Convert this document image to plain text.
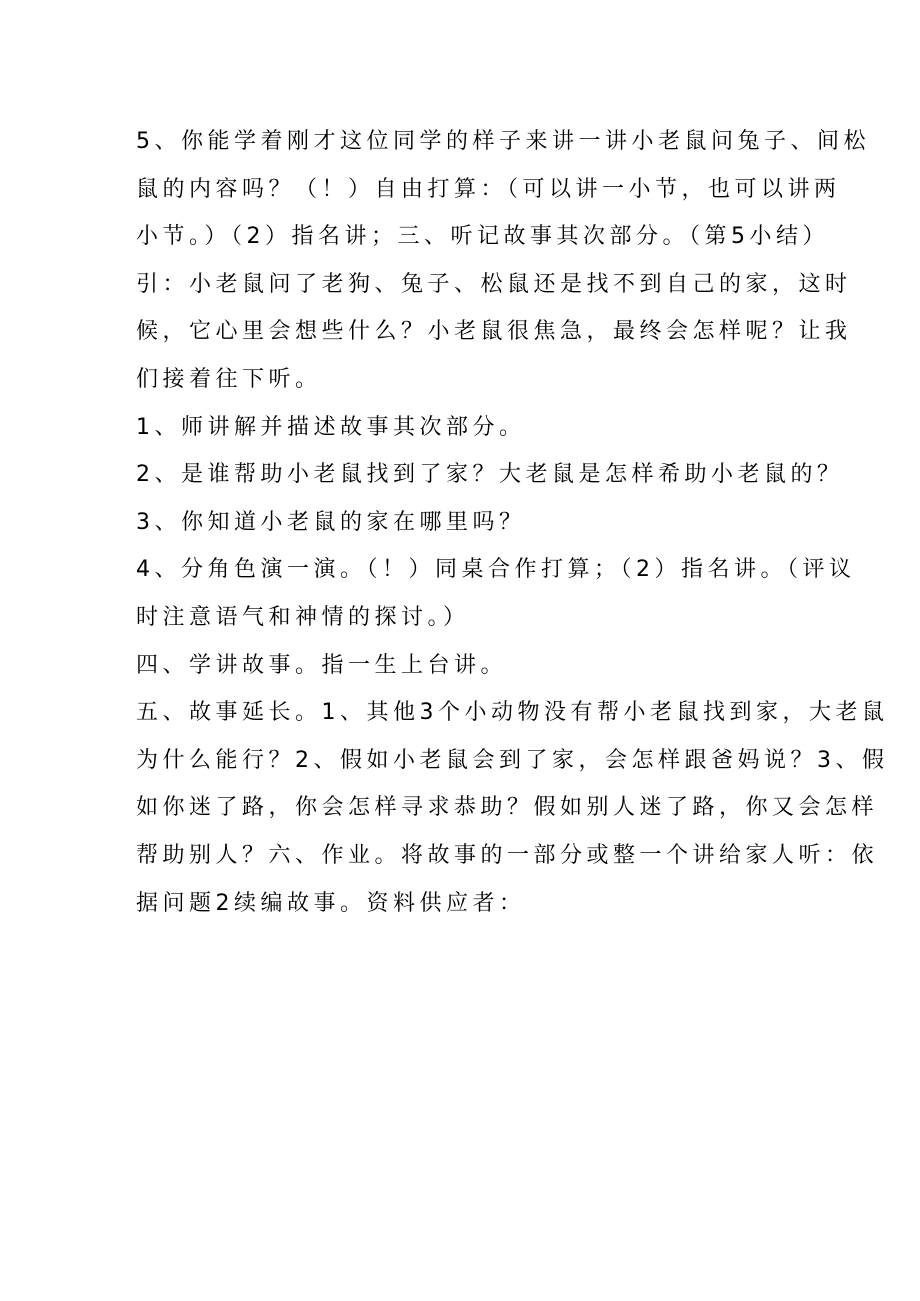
5、你能学着刚才这位同学的样子来讲一讲小老鼠问兔子、间松
鼠的内容吗？（！）自由打算：（可以讲一小节，也可以讲两
小节。）（2）指名讲；三、听记故事其次部分。（第5小结）
引：小老鼠问了老狗、兔子、松鼠还是找不到自己的家，这时
候，它心里会想些什么？小老鼠很焦急，最终会怎样呢？让我
们接着往下听。
1、师讲解并描述故事其次部分。
2、是谁帮助小老鼠找到了家？大老鼠是怎样希助小老鼠的？
3、你知道小老鼠的家在哪里吗？
4、分角色演一演。（！）同桌合作打算；（2）指名讲。（评议
时注意语气和神情的探讨。）
四、学讲故事。指一生上台讲。
五、故事延长。1、其他3个小动物没有帮小老鼠找到家，大老鼠
为什么能行？2、假如小老鼠会到了家，会怎样跟爸妈说？3、假
如你迷了路，你会怎样寻求恭助？假如别人迷了路，你又会怎样
帮助别人？六、作业。将故事的一部分或整一个讲给家人听：依
据问题2续编故事。资料供应者：
